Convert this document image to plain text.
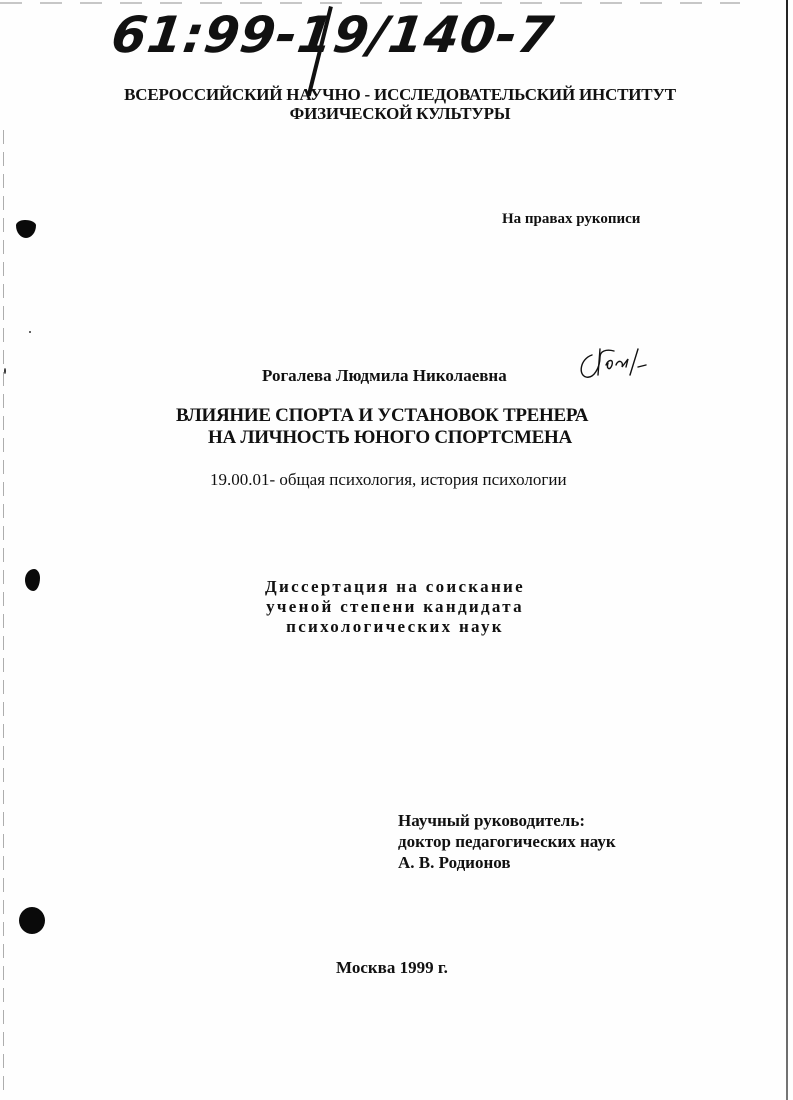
61:99-19/140-7
ВСЕРОССИЙСКИЙ НАУЧНО - ИССЛЕДОВАТЕЛЬСКИЙ ИНСТИТУТ
ФИЗИЧЕСКОЙ КУЛЬТУРЫ
На правах рукописи
Рогалева Людмила Николаевна
ВЛИЯНИЕ СПОРТА И УСТАНОВОК ТРЕНЕРА
НА ЛИЧНОСТЬ ЮНОГО СПОРТСМЕНА
19.00.01- общая психология, история психологии
Диссертация на соискание
ученой степени кандидата
психологических наук
Научный руководитель:
доктор педагогических наук
А. В. Родионов
Москва 1999 г.
